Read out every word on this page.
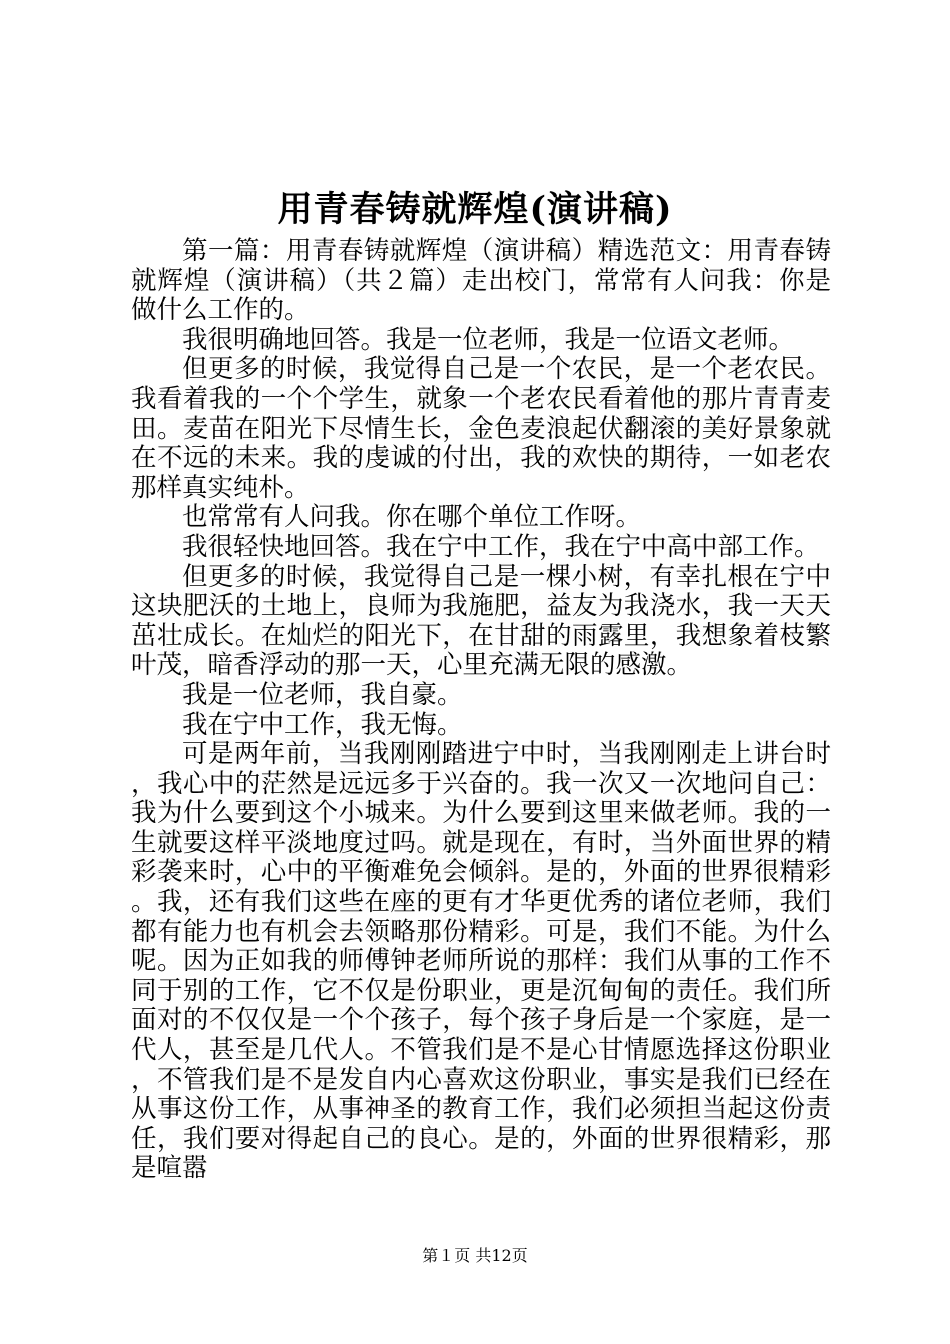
用青春铸就辉煌(演讲稿)

第一篇：用青春铸就辉煌（演讲稿）精选范文：用青春铸就辉煌（演讲稿）（共２篇）走出校门，常常有人问我：你是做什么工作的。

我很明确地回答。我是一位老师，我是一位语文老师。

但更多的时候，我觉得自己是一个农民，是一个老农民。我看着我的一个个学生，就象一个老农民看着他的那片青青麦田。麦苗在阳光下尽情生长，金色麦浪起伏翻滚的美好景象就在不远的未来。我的虔诚的付出，我的欢快的期待，一如老农那样真实纯朴。

也常常有人问我。你在哪个单位工作呀。

我很轻快地回答。我在宁中工作，我在宁中高中部工作。

但更多的时候，我觉得自己是一棵小树，有幸扎根在宁中这块肥沃的土地上，良师为我施肥，益友为我浇水，我一天天茁壮成长。在灿烂的阳光下，在甘甜的雨露里，我想象着枝繁叶茂，暗香浮动的那一天，心里充满无限的感激。

我是一位老师，我自豪。

我在宁中工作，我无悔。

可是两年前，当我刚刚踏进宁中时，当我刚刚走上讲台时，我心中的茫然是远远多于兴奋的。我一次又一次地问自己：我为什么要到这个小城来。为什么要到这里来做老师。我的一生就要这样平淡地度过吗。就是现在，有时，当外面世界的精彩袭来时，心中的平衡难免会倾斜。是的，外面的世界很精彩。我，还有我们这些在座的更有才华更优秀的诸位老师，我们都有能力也有机会去领略那份精彩。可是，我们不能。为什么呢。因为正如我的师傅钟老师所说的那样：我们从事的工作不同于别的工作，它不仅是份职业，更是沉甸甸的责任。我们所面对的不仅仅是一个个孩子，每个孩子身后是一个家庭，是一代人，甚至是几代人。不管我们是不是心甘情愿选择这份职业，不管我们是不是发自内心喜欢这份职业，事实是我们已经在从事这份工作，从事神圣的教育工作，我们必须担当起这份责任，我们要对得起自己的良心。是的，外面的世界很精彩，那是喧嚣

第１页 共12页
